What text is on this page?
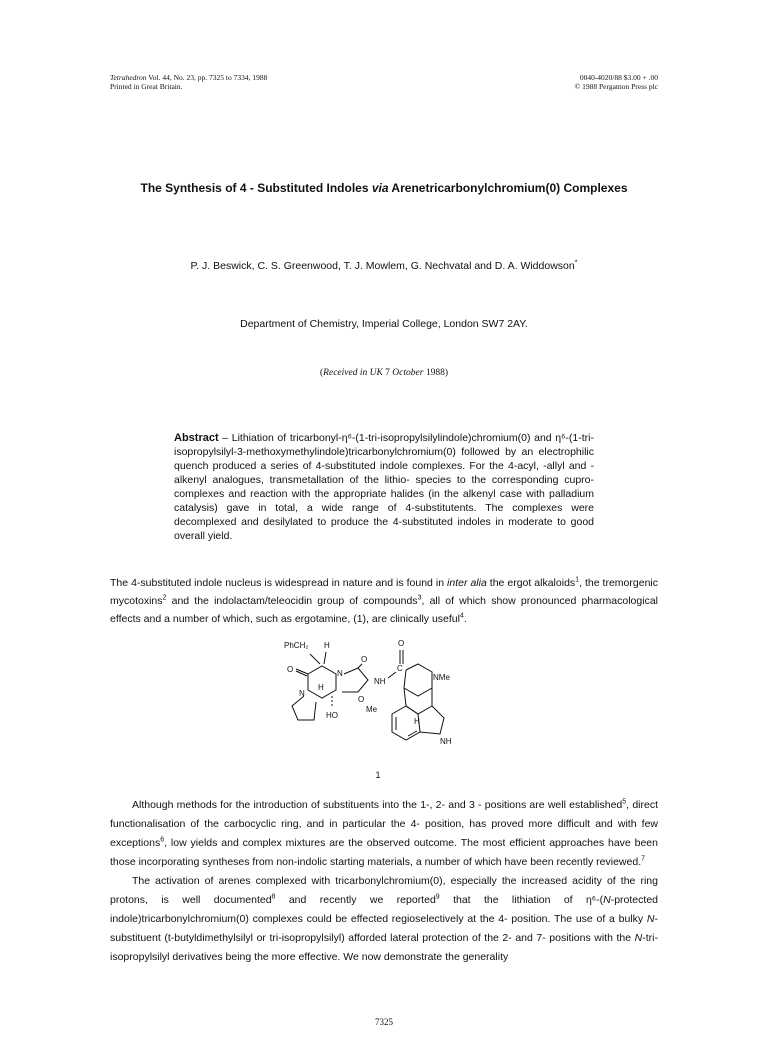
Tetrahedron Vol. 44, No. 23, pp. 7325 to 7334, 1988
Printed in Great Britain.
0040-4020/88 $3.00 + .00
© 1988 Pergamon Press plc
The Synthesis of 4 - Substituted Indoles via Arenetricarbonylchromium(0) Complexes
P. J. Beswick, C. S. Greenwood, T. J. Mowlem, G. Nechvatal and D. A. Widdowson*
Department of Chemistry, Imperial College, London SW7 2AY.
(Received in UK 7 October 1988)
Abstract – Lithiation of tricarbonyl-η⁶-(1-tri-isopropylsilylindole)chromium(0) and η⁶-(1-tri-isopropylsilyl-3-methoxymethylindole)tricarbonylchromium(0) followed by an electrophilic quench produced a series of 4-substituted indole complexes. For the 4-acyl, -allyl and -alkenyl analogues, transmetallation of the lithio- species to the corresponding cupro- complexes and reaction with the appropriate halides (in the alkenyl case with palladium catalysis) gave in total, a wide range of 4-substitutents. The complexes were decomplexed and desilylated to produce the 4-substituted indoles in moderate to good overall yield.
The 4-substituted indole nucleus is widespread in nature and is found in inter alia the ergot alkaloids$^1$, the tremorgenic mycotoxins$^2$ and the indolactam/teleocidin group of compounds$^3$, all of which show pronounced pharmacological effects and a number of which, such as ergotamine, (1), are clinically useful$^4$.
PhCH₂ H
O	N
N
H
O
O
Me
HO
NH
C
O
NMe
H
NH
1

Although methods for the introduction of substituents into the 1-, 2- and 3 - positions are well established$^5$, direct functionalisation of the carbocyclic ring, and in particular the 4- position, has proved more difficult and with few exceptions$^6$, low yields and complex mixtures are the observed outcome. The most efficient approaches have been those incorporating syntheses from non-indolic starting materials, a number of which have been recently reviewed.$^7$

The activation of arenes complexed with tricarbonylchromium(0), especially the increased acidity of the ring protons, is well documented$^8$ and recently we reported$^9$ that the lithiation of η⁶-(N-protected indole)tricarbonylchromium(0) complexes could be effected regioselectively at the 4- position. The use of a bulky N-substituent (t-butyldimethylsilyl or tri-isopropylsilyl) afforded lateral protection of the 2- and 7- positions with the N-tri-isopropylsilyl derivatives being the more effective. We now demonstrate the generality

7325
